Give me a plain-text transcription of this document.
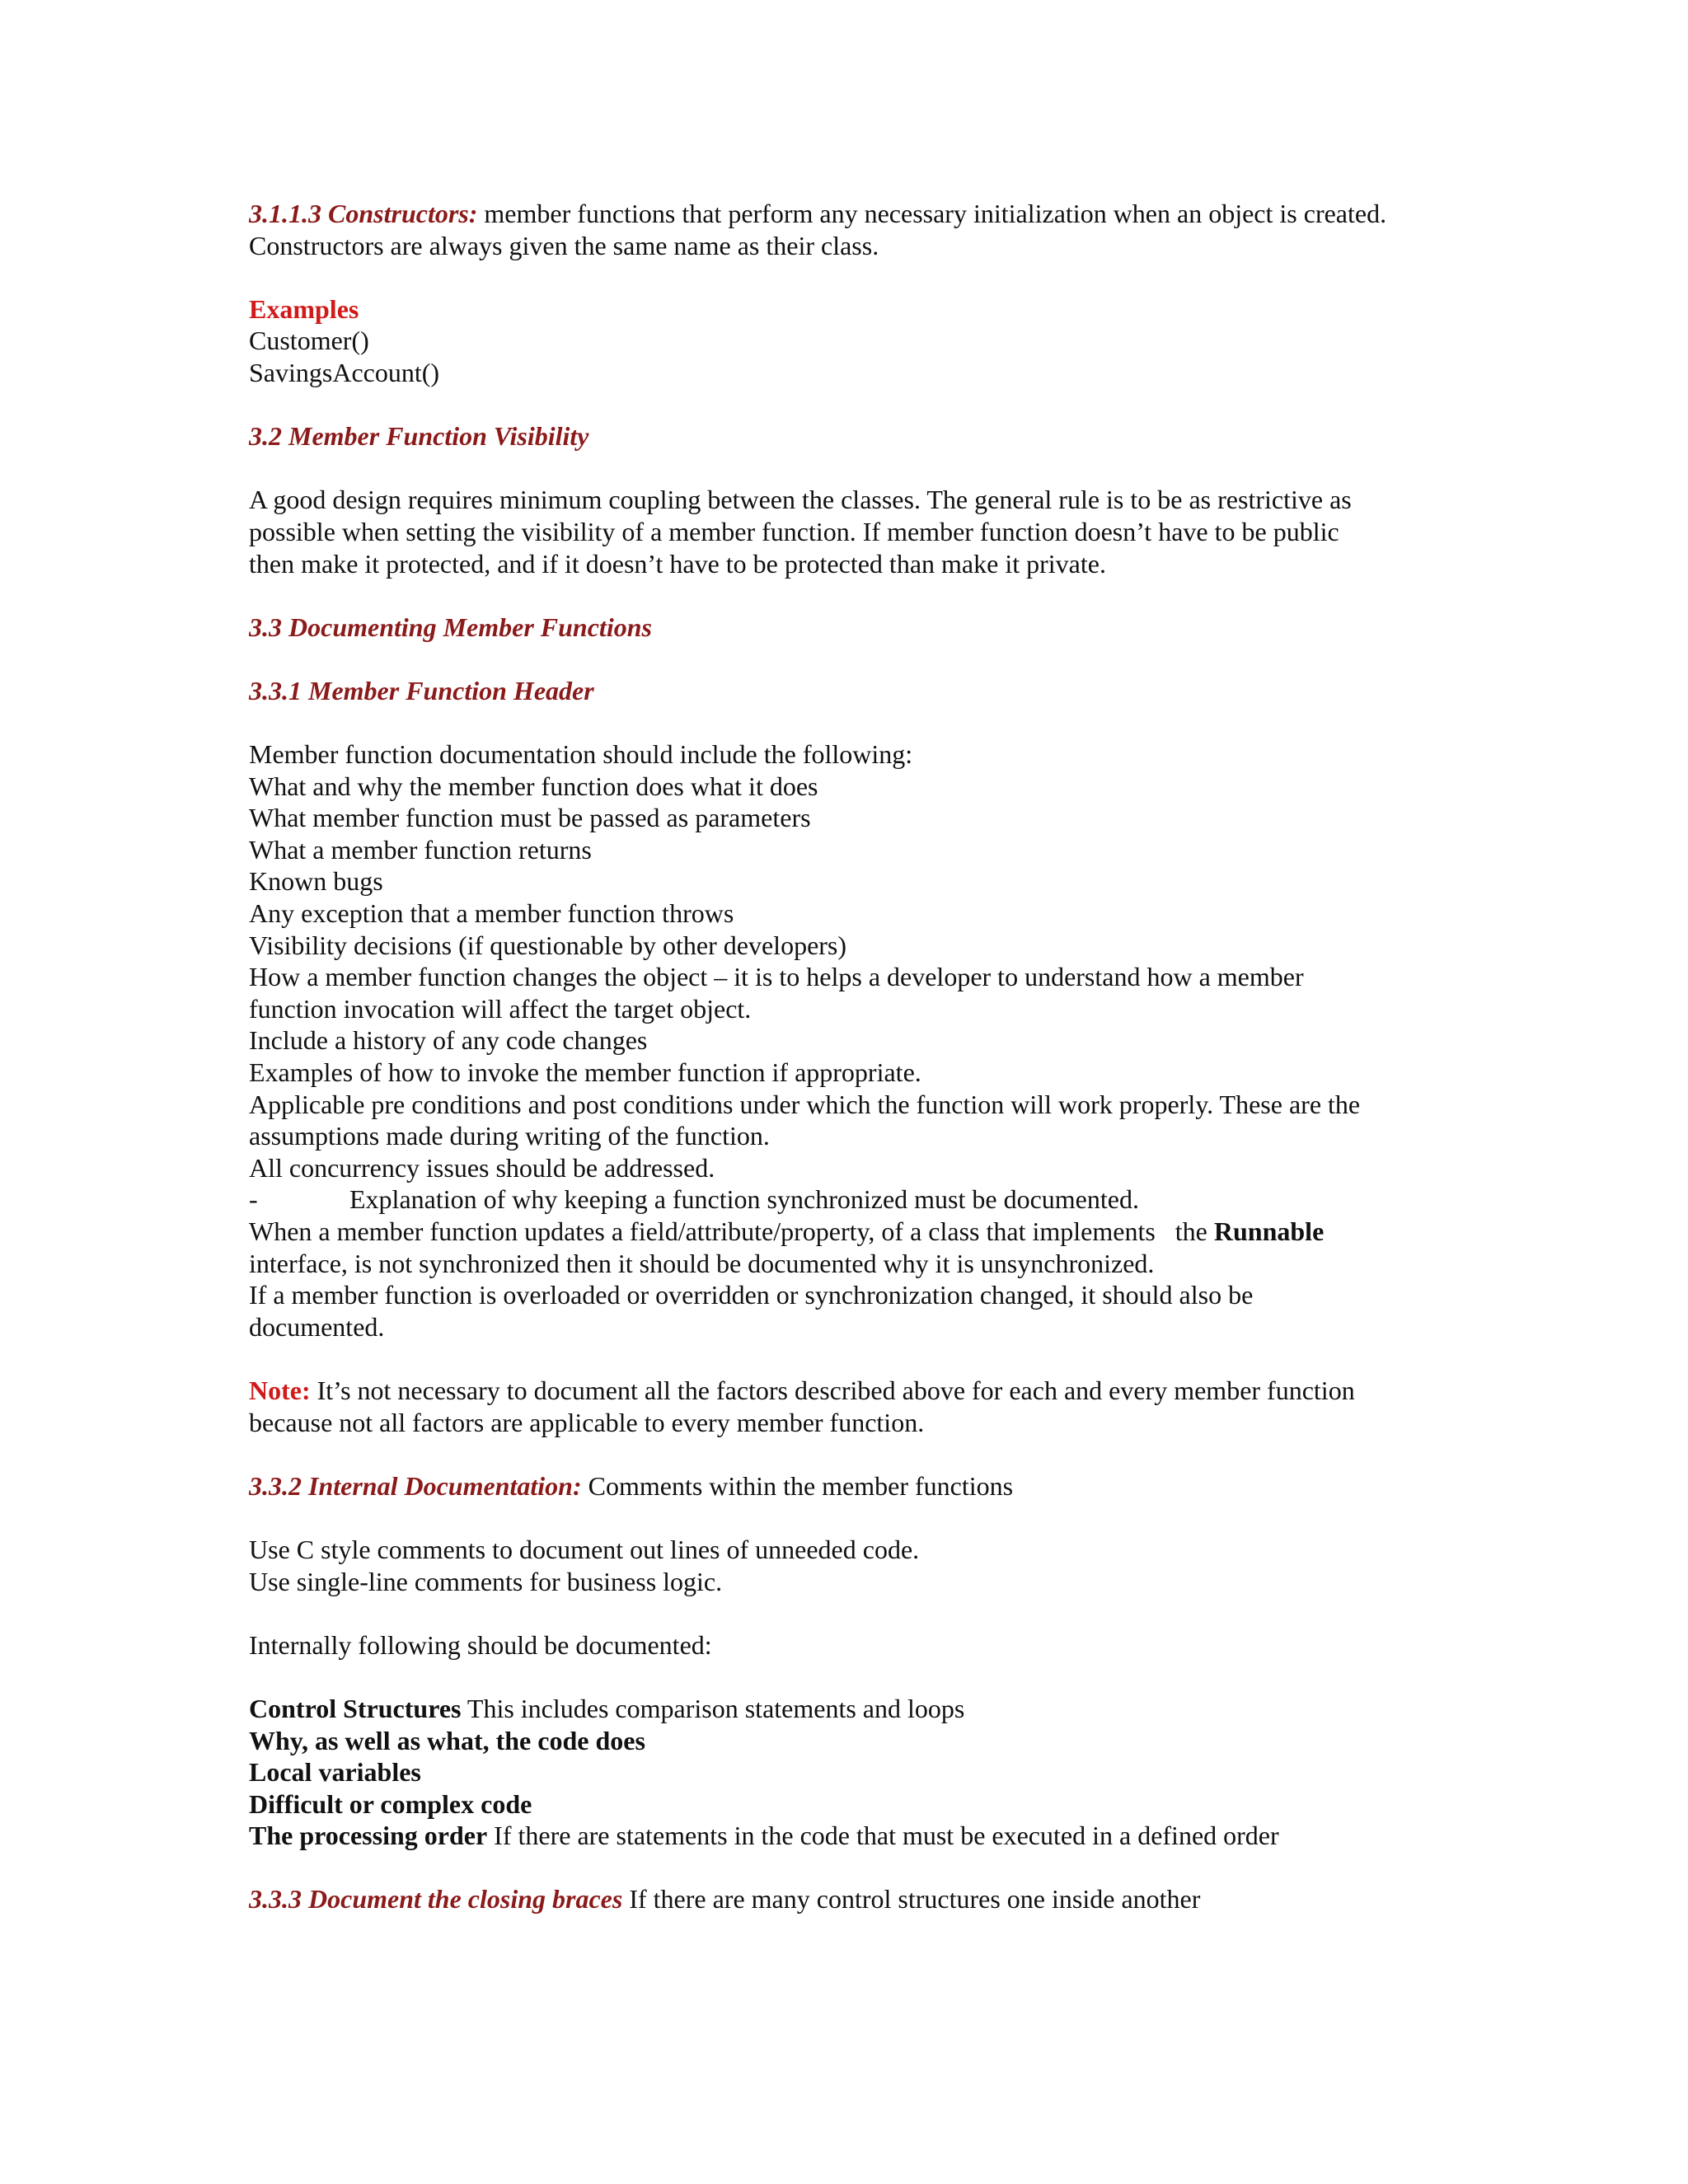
3.1.1.3 Constructors: member functions that perform any necessary initialization when an object is created.
Constructors are always given the same name as their class.
Examples
Customer()
SavingsAccount()
3.2 Member Function Visibility
A good design requires minimum coupling between the classes. The general rule is to be as restrictive as
possible when setting the visibility of a member function. If member function doesn’t have to be public
then make it protected, and if it doesn’t have to be protected than make it private.
3.3 Documenting Member Functions
3.3.1 Member Function Header
Member function documentation should include the following:
What and why the member function does what it does
What member function must be passed as parameters
What a member function returns
Known bugs
Any exception that a member function throws
Visibility decisions (if questionable by other developers)
How a member function changes the object – it is to helps a developer to understand how a member
function invocation will affect the target object.
Include a history of any code changes
Examples of how to invoke the member function if appropriate.
Applicable pre conditions and post conditions under which the function will work properly. These are the
assumptions made during writing of the function.
All concurrency issues should be addressed.
-	Explanation of why keeping a function synchronized must be documented.
When a member function updates a field/attribute/property, of a class that implements   the Runnable
interface, is not synchronized then it should be documented why it is unsynchronized.
If a member function is overloaded or overridden or synchronization changed, it should also be
documented.
Note: It’s not necessary to document all the factors described above for each and every member function
because not all factors are applicable to every member function.
3.3.2 Internal Documentation: Comments within the member functions
Use C style comments to document out lines of unneeded code.
Use single-line comments for business logic.
Internally following should be documented:
Control Structures This includes comparison statements and loops
Why, as well as what, the code does
Local variables
Difficult or complex code
The processing order If there are statements in the code that must be executed in a defined order
3.3.3 Document the closing braces If there are many control structures one inside another
